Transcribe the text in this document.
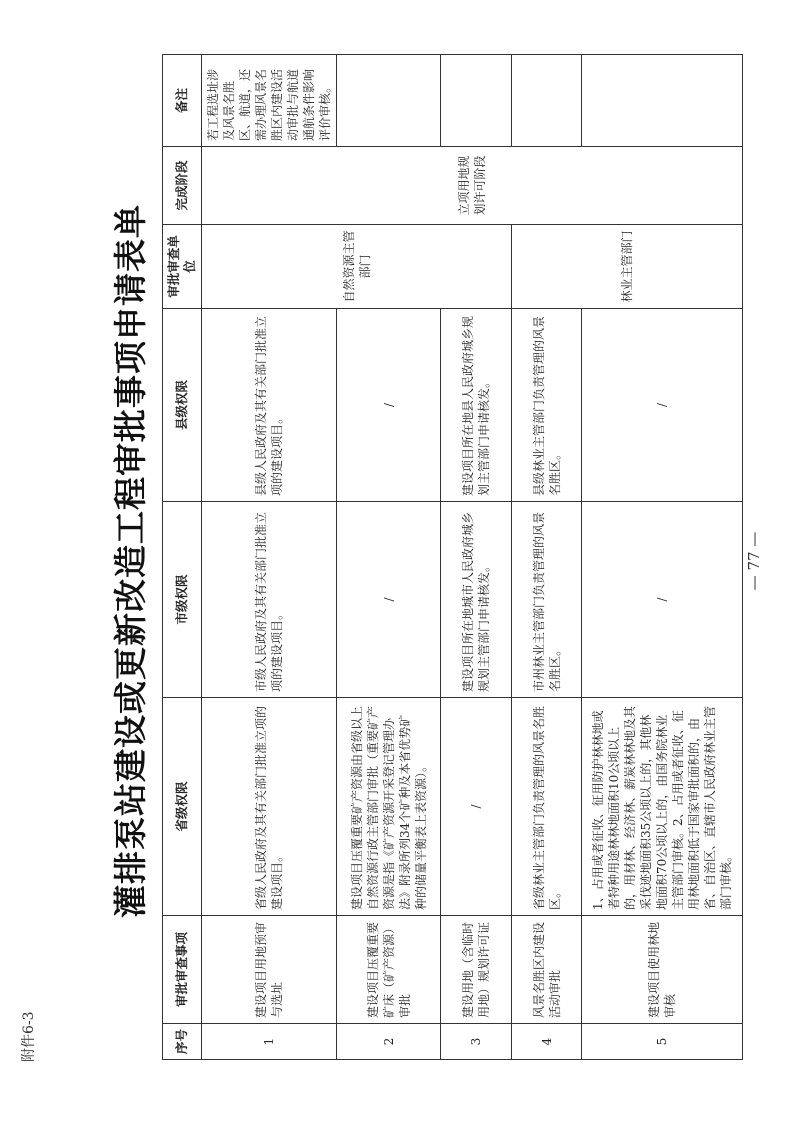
附件6-3
灌排泵站建设或更新改造工程审批事项申请表单
序号	审批审查事项	省级权限	市级权限	县级权限	审批审查单位	完成阶段	备注
1	建设项目用地预审与选址	省级人民政府及其有关部门批准立项的建设项目。	市级人民政府及其有关部门批准立项的建设项目。	县级人民政府及其有关部门批准立项的建设项目。	自然资源主管部门	立项用地规划许可阶段	若工程选址涉及风景名胜区、航道，还需办理风景名胜区内建设活动审批与航道通航条件影响评价审核。
2	建设项目压覆重要矿床（矿产资源）审批	建设项目压覆重要矿产资源由省级以上自然资源行政主管部门审批（重要矿产资源是指《矿产资源开采登记管理办法》附录所列34个矿种及本省优势矿种的储量平衡表上表资源）。	/	/			
3	建设用地（含临时用地）规划许可证	/	建设项目所在地城市人民政府城乡规划主管部门申请核发。	建设项目所在地县人民政府城乡规划主管部门申请核发。			
4	风景名胜区内建设活动审批	省级林业主管部门负责管理的风景名胜区。	市州林业主管部门负责管理的风景名胜区。	县级林业主管部门负责管理的风景名胜区。	林业主管部门		
5	建设项目使用林地审核	1、占用或者征收、征用防护林林地或者特种用途林林地面积10公顷以上的，用材林、经济林、薪炭林林地及其采伐迹地面积35公顷以上的，其他林地面积70公顷以上的，由国务院林业主管部门审核。2、占用或者征收、征用林地面积低于国家审批面积的，由省、自治区、直辖市人民政府林业主管部门审核。	/	/			
— 77 —
